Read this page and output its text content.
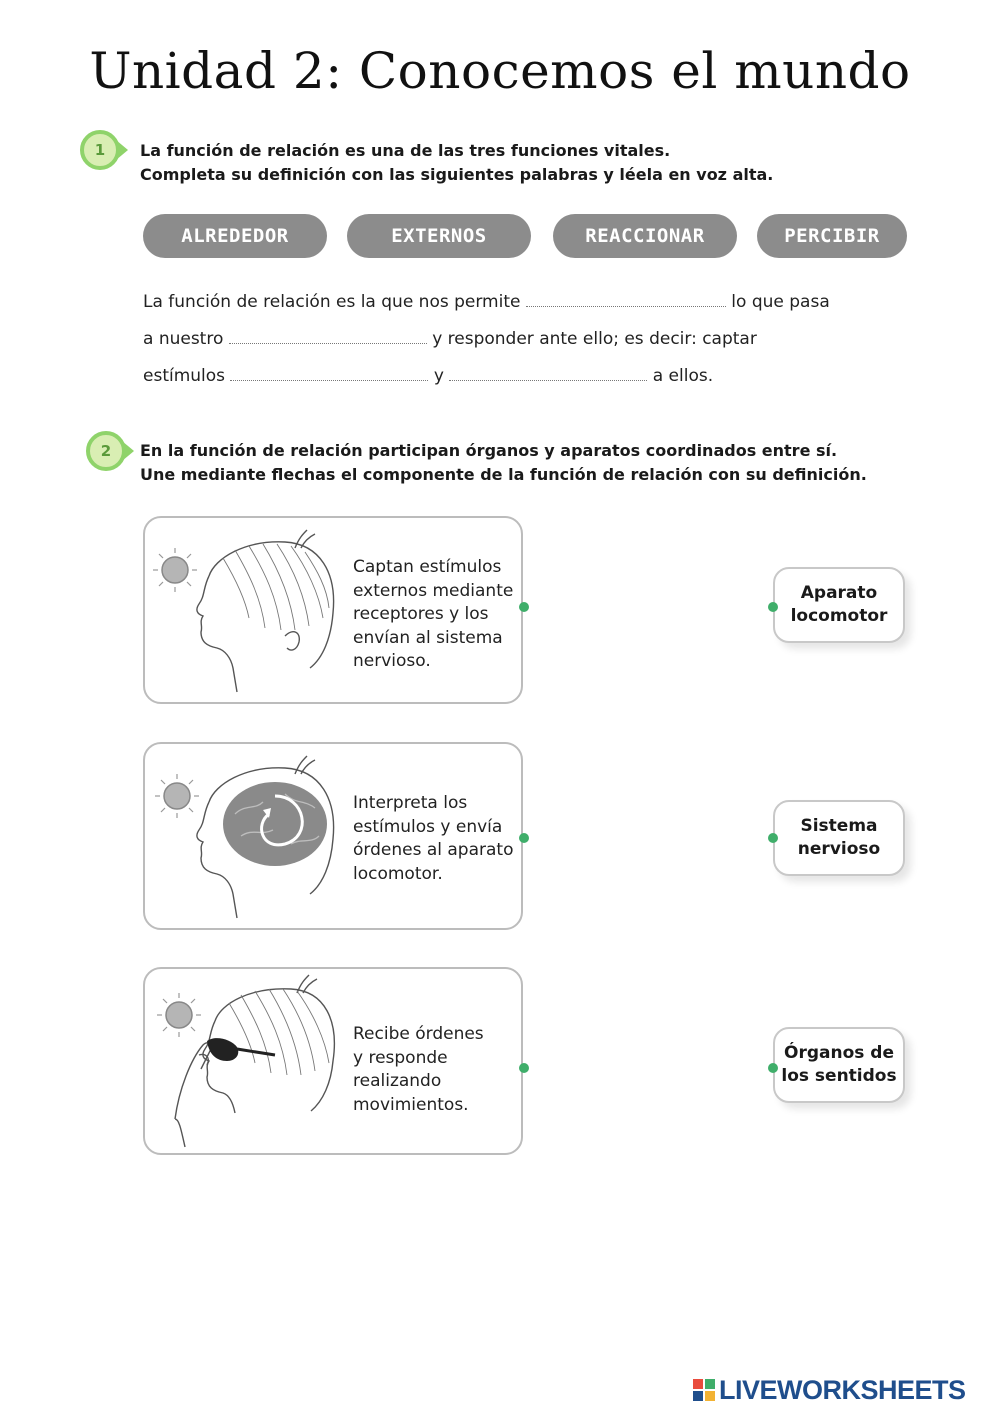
Unidad 2: Conocemos el mundo
1	La función de relación es una de las tres funciones vitales.
Completa su definición con las siguientes palabras y léela en voz alta.
ALREDEDOR	EXTERNOS	REACCIONAR	PERCIBIR
La función de relación es la que nos permite	lo que pasa
a nuestro	y responder ante ello; es decir: captar
estímulos	y	a ellos.
2	En la función de relación participan órganos y aparatos coordinados entre sí.
Une mediante flechas el componente de la función de relación con su definición.
Captan estímulos
externos mediante
receptores y los
envían al sistema
nervioso.
Interpreta los
estímulos y envía
órdenes al aparato
locomotor.
Recibe órdenes
y responde
realizando
movimientos.
Aparato
locomotor
Sistema
nervioso
Órganos de
los sentidos
LIVEWORKSHEETS
